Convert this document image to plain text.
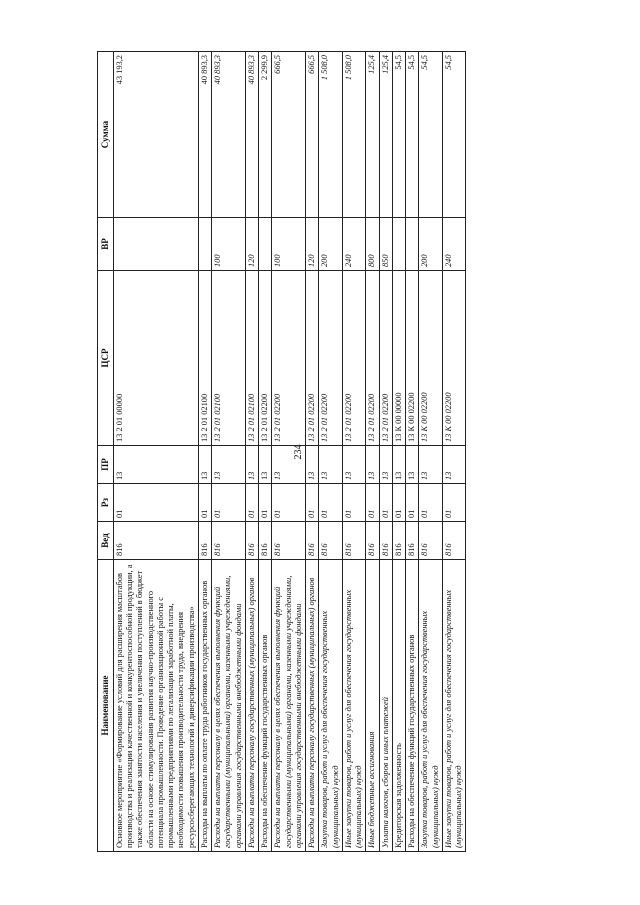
234
Наименование	Вед	Рз	ПР	ЦСР	ВР	Сумма
Основное мероприятие «Формирование условий для расширения масштабов производства и реализации качественной и конкурентоспособной продукции, а также обеспечения занятости населения и увеличения поступлений в бюджет области на основе стимулирования развития научно-производственного потенциала промышленности. Проведение организационной работы с промышленными предприятиями по легализации заработной платы, необходимости повышения производительности труда, внедрения ресурсосберегающих технологий и диверсификации производства»	816	01	13	13 2 01 00000		43 193,2
Расходы на выплаты по оплате труда работников государственных органов	816	01	13	13 2 01 02100		40 893,3
Расходы на выплаты персоналу в целях обеспечения выполнения функций государственными (муниципальными) органами, казенными учреждениями, органами управления государственными внебюджетными фондами	816	01	13	13 2 01 02100	100	40 893,3
Расходы на выплаты персоналу государственных (муниципальных) органов	816	01	13	13 2 01 02100	120	40 893,3
Расходы на обеспечение функций государственных органов	816	01	13	13 2 01 02200		2 299,9
Расходы на выплаты персоналу в целях обеспечения выполнения функций государственными (муниципальными) органами, казенными учреждениями, органами управления государственными внебюджетными фондами	816	01	13	13 2 01 02200	100	666,5
Расходы на выплаты персоналу государственных (муниципальных) органов	816	01	13	13 2 01 02200	120	666,5
Закупка товаров, работ и услуг для обеспечения государственных (муниципальных) нужд	816	01	13	13 2 01 02200	200	1 508,0
Иные закупки товаров, работ и услуг для обеспечения государственных (муниципальных) нужд	816	01	13	13 2 01 02200	240	1 508,0
Иные бюджетные ассигнования	816	01	13	13 2 01 02200	800	125,4
Уплата налогов, сборов и иных платежей	816	01	13	13 2 01 02200	850	125,4
Кредиторская задолженность	816	01	13	13 К 00 00000		54,5
Расходы на обеспечение функций государственных органов	816	01	13	13 К 00 02200		54,5
Закупка товаров, работ и услуг для обеспечения государственных (муниципальных) нужд	816	01	13	13 К 00 02200	200	54,5
Иные закупки товаров, работ и услуг для обеспечения государственных (муниципальных) нужд	816	01	13	13 К 00 02200	240	54,5
